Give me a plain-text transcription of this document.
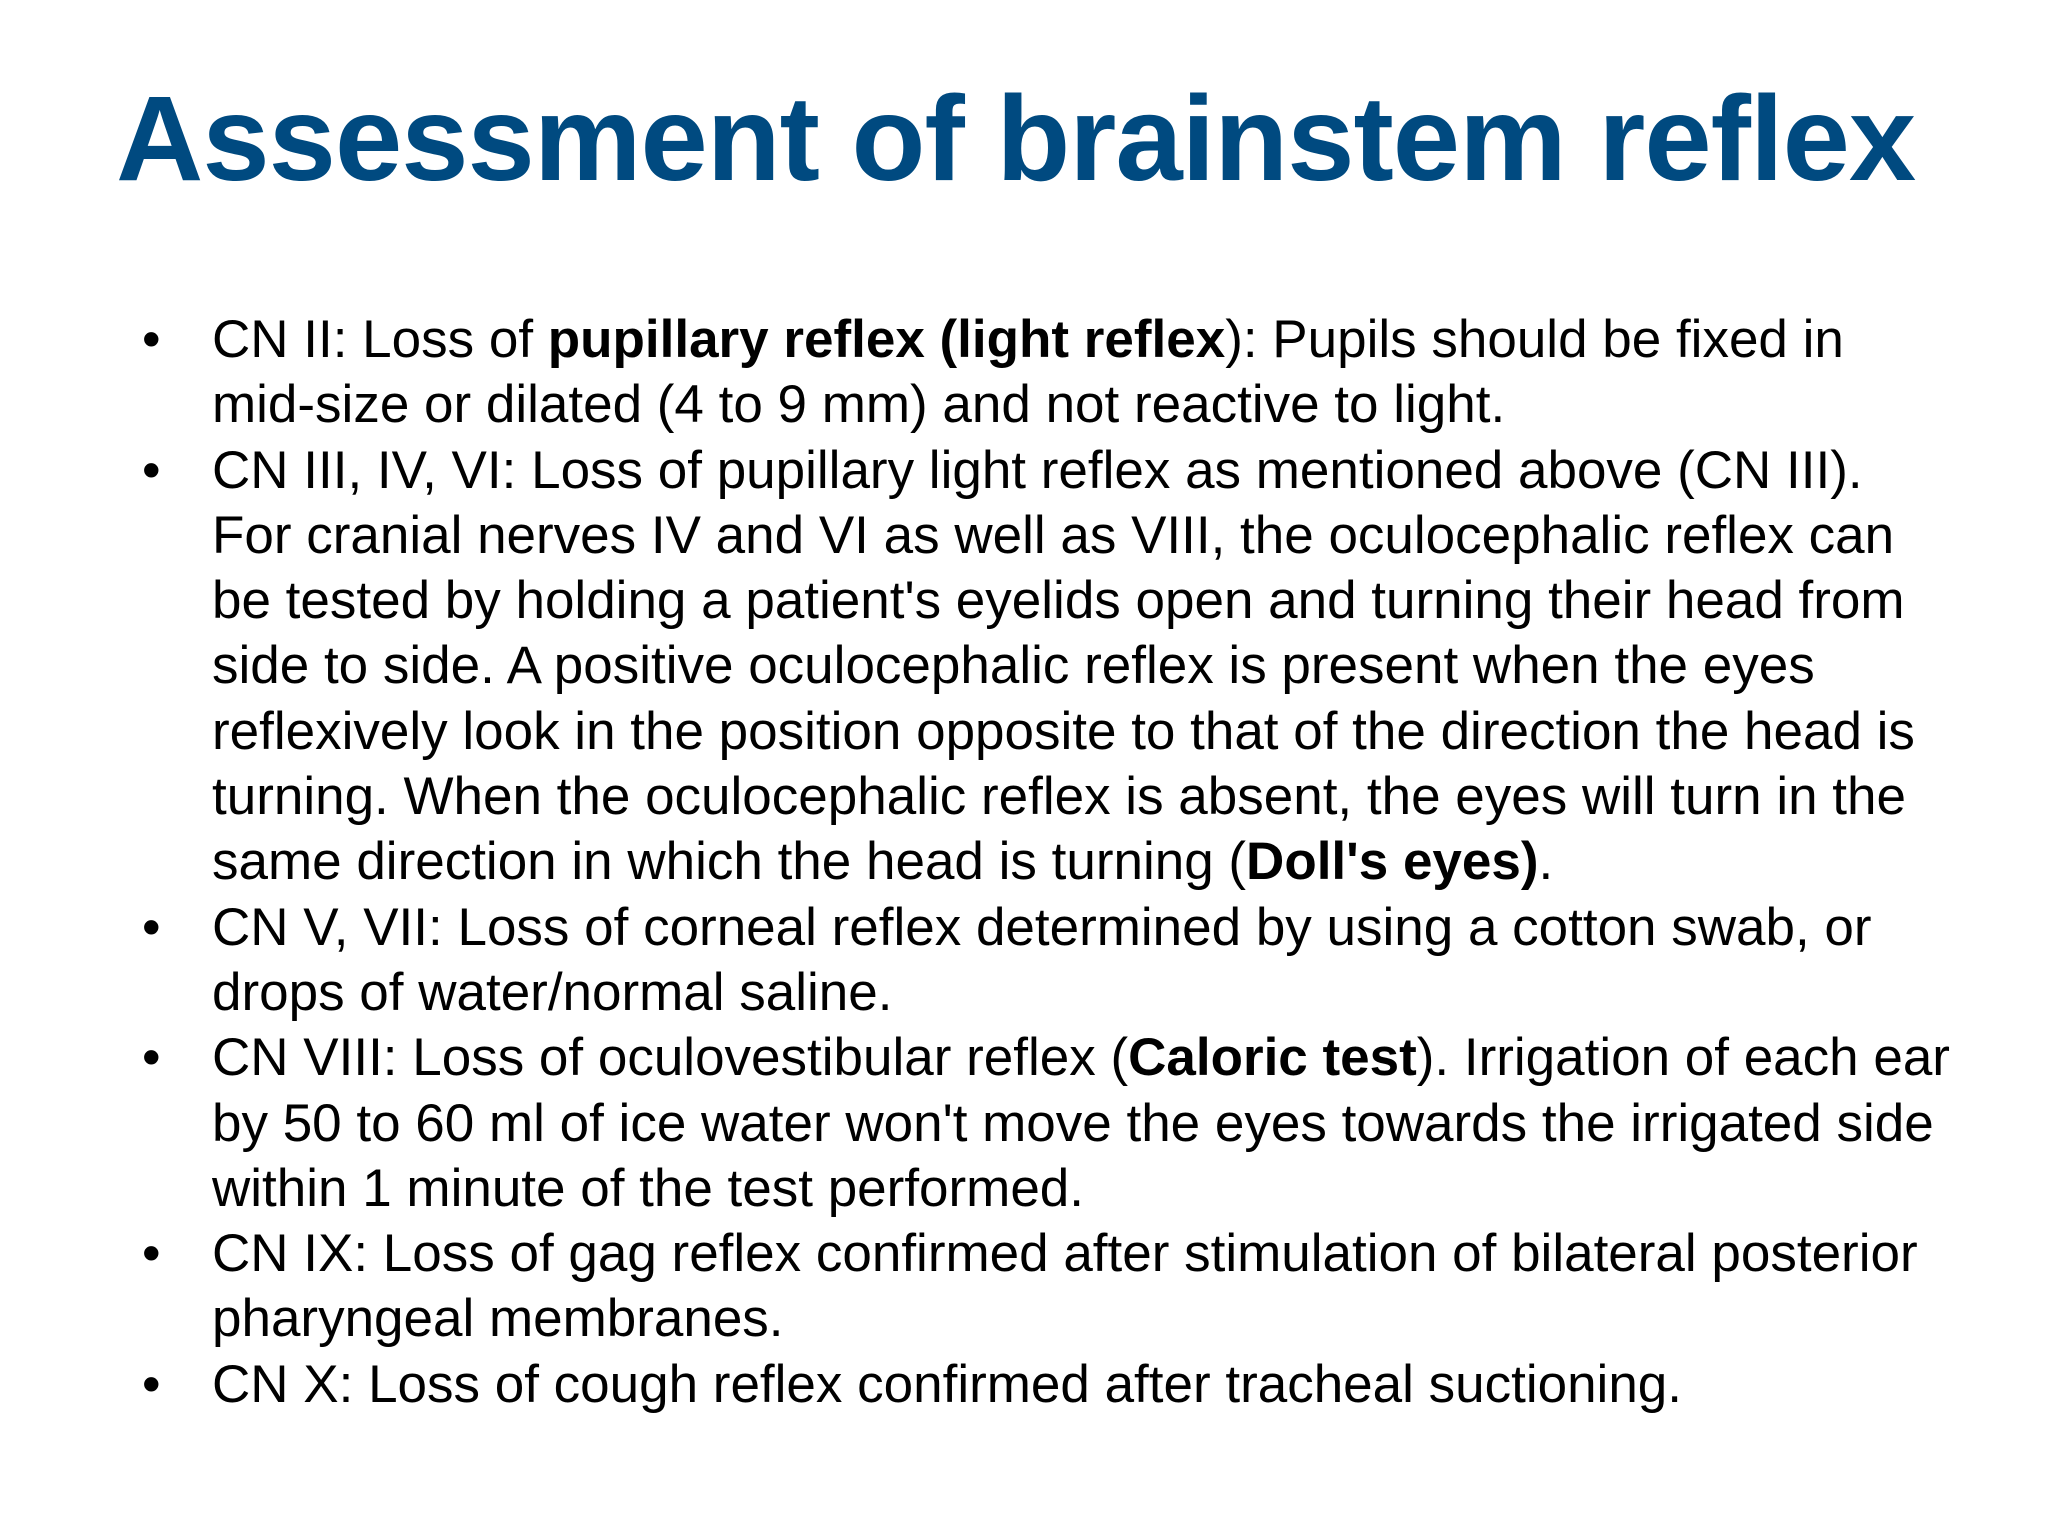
Assessment of brainstem reflex
• CN II: Loss of pupillary reflex (light reflex): Pupils should be fixed in mid-size or dilated (4 to 9 mm) and not reactive to light.
• CN III, IV, VI: Loss of pupillary light reflex as mentioned above (CN III). For cranial nerves IV and VI as well as VIII, the oculocephalic reflex can be tested by holding a patient's eyelids open and turning their head from side to side. A positive oculocephalic reflex is present when the eyes reflexively look in the position opposite to that of the direction the head is turning. When the oculocephalic reflex is absent, the eyes will turn in the same direction in which the head is turning (Doll's eyes).
• CN V, VII: Loss of corneal reflex determined by using a cotton swab, or drops of water/normal saline.
• CN VIII: Loss of oculovestibular reflex (Caloric test). Irrigation of each ear by 50 to 60 ml of ice water won't move the eyes towards the irrigated side within 1 minute of the test performed.
• CN IX: Loss of gag reflex confirmed after stimulation of bilateral posterior pharyngeal membranes.
• CN X: Loss of cough reflex confirmed after tracheal suctioning.
